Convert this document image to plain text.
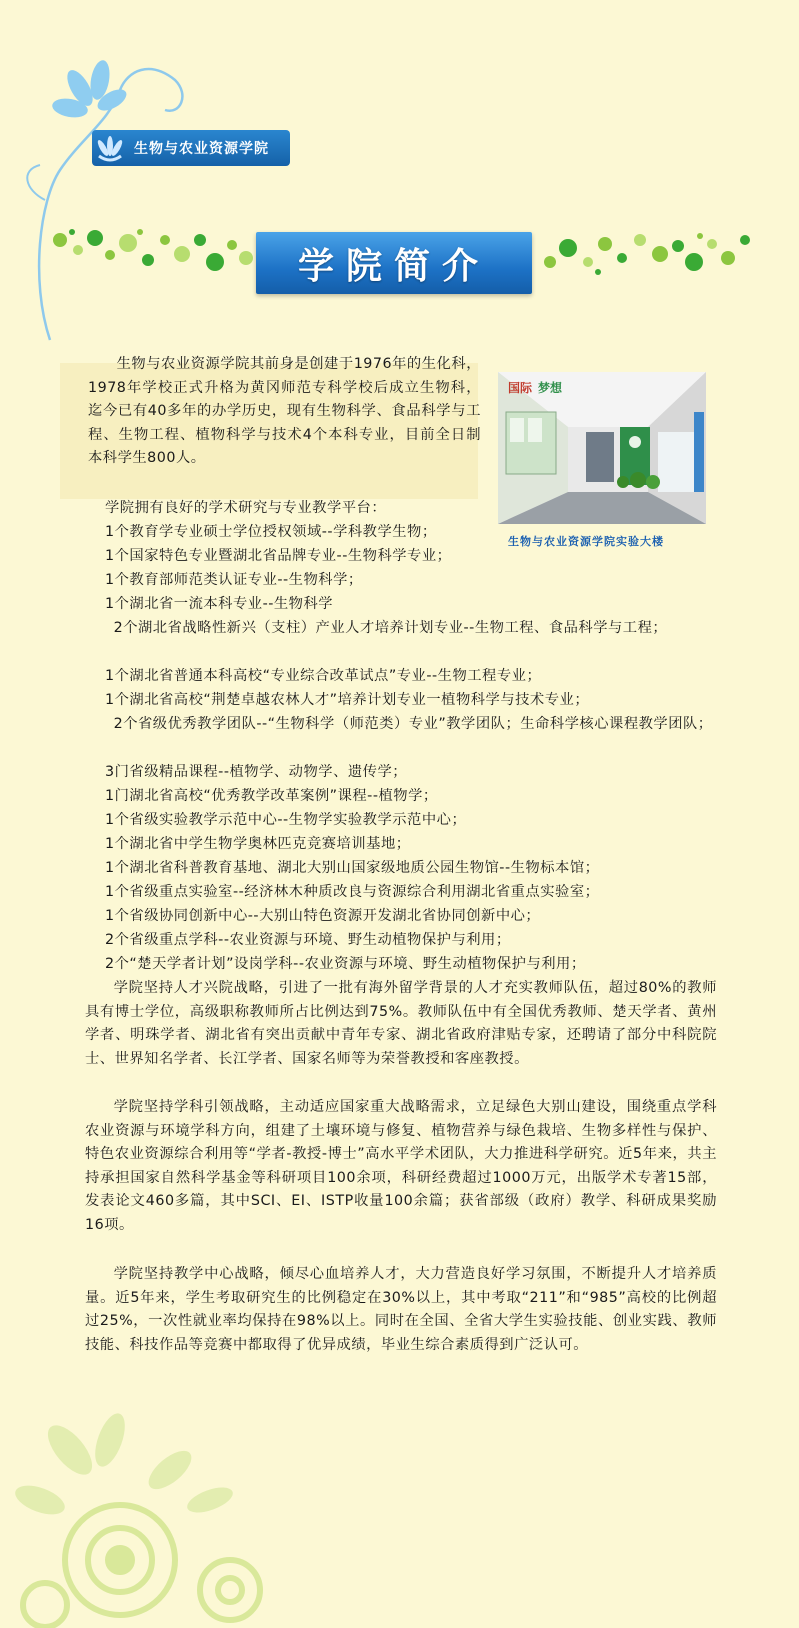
生物与农业资源学院
学院简介
生物与农业资源学院其前身是创建于1976年的生化科，1978年学校正式升格为黄冈师范专科学校后成立生物科，迄今已有40多年的办学历史，现有生物科学、食品科学与工程、生物工程、植物科学与技术4个本科专业，目前全日制本科学生800人。
国际 梦想
生物与农业资源学院实验大楼
学院拥有良好的学术研究与专业教学平台：
1个教育学专业硕士学位授权领域--学科教学生物；
1个国家特色专业暨湖北省品牌专业--生物科学专业；
1个教育部师范类认证专业--生物科学；
1个湖北省一流本科专业--生物科学
2个湖北省战略性新兴（支柱）产业人才培养计划专业--生物工程、食品科学与工程；
1个湖北省普通本科高校“专业综合改革试点”专业--生物工程专业；
1个湖北省高校“荆楚卓越农林人才”培养计划专业一植物科学与技术专业；
2个省级优秀教学团队--“生物科学（师范类）专业”教学团队；生命科学核心课程教学团队；
3门省级精品课程--植物学、动物学、遗传学；
1门湖北省高校“优秀教学改革案例”课程--植物学；
1个省级实验教学示范中心--生物学实验教学示范中心；
1个湖北省中学生物学奥林匹克竞赛培训基地；
1个湖北省科普教育基地、湖北大别山国家级地质公园生物馆--生物标本馆；
1个省级重点实验室--经济林木种质改良与资源综合利用湖北省重点实验室；
1个省级协同创新中心--大别山特色资源开发湖北省协同创新中心；
2个省级重点学科--农业资源与环境、野生动植物保护与利用；
2个“楚天学者计划”设岗学科--农业资源与环境、野生动植物保护与利用；
学院坚持人才兴院战略，引进了一批有海外留学背景的人才充实教师队伍，超过80%的教师具有博士学位，高级职称教师所占比例达到75%。教师队伍中有全国优秀教师、楚天学者、黄州学者、明珠学者、湖北省有突出贡献中青年专家、湖北省政府津贴专家，还聘请了部分中科院院士、世界知名学者、长江学者、国家名师等为荣誉教授和客座教授。
学院坚持学科引领战略，主动适应国家重大战略需求，立足绿色大别山建设，围绕重点学科农业资源与环境学科方向，组建了土壤环境与修复、植物营养与绿色栽培、生物多样性与保护、特色农业资源综合利用等“学者-教授-博士”高水平学术团队，大力推进科学研究。近5年来，共主持承担国家自然科学基金等科研项目100余项，科研经费超过1000万元，出版学术专著15部，发表论文460多篇，其中SCI、EI、ISTP收量100余篇；获省部级（政府）教学、科研成果奖励16项。
学院坚持教学中心战略，倾尽心血培养人才，大力营造良好学习氛围，不断提升人才培养质量。近5年来，学生考取研究生的比例稳定在30%以上，其中考取“211”和“985”高校的比例超过25%，一次性就业率均保持在98%以上。同时在全国、全省大学生实验技能、创业实践、教师技能、科技作品等竞赛中都取得了优异成绩，毕业生综合素质得到广泛认可。
